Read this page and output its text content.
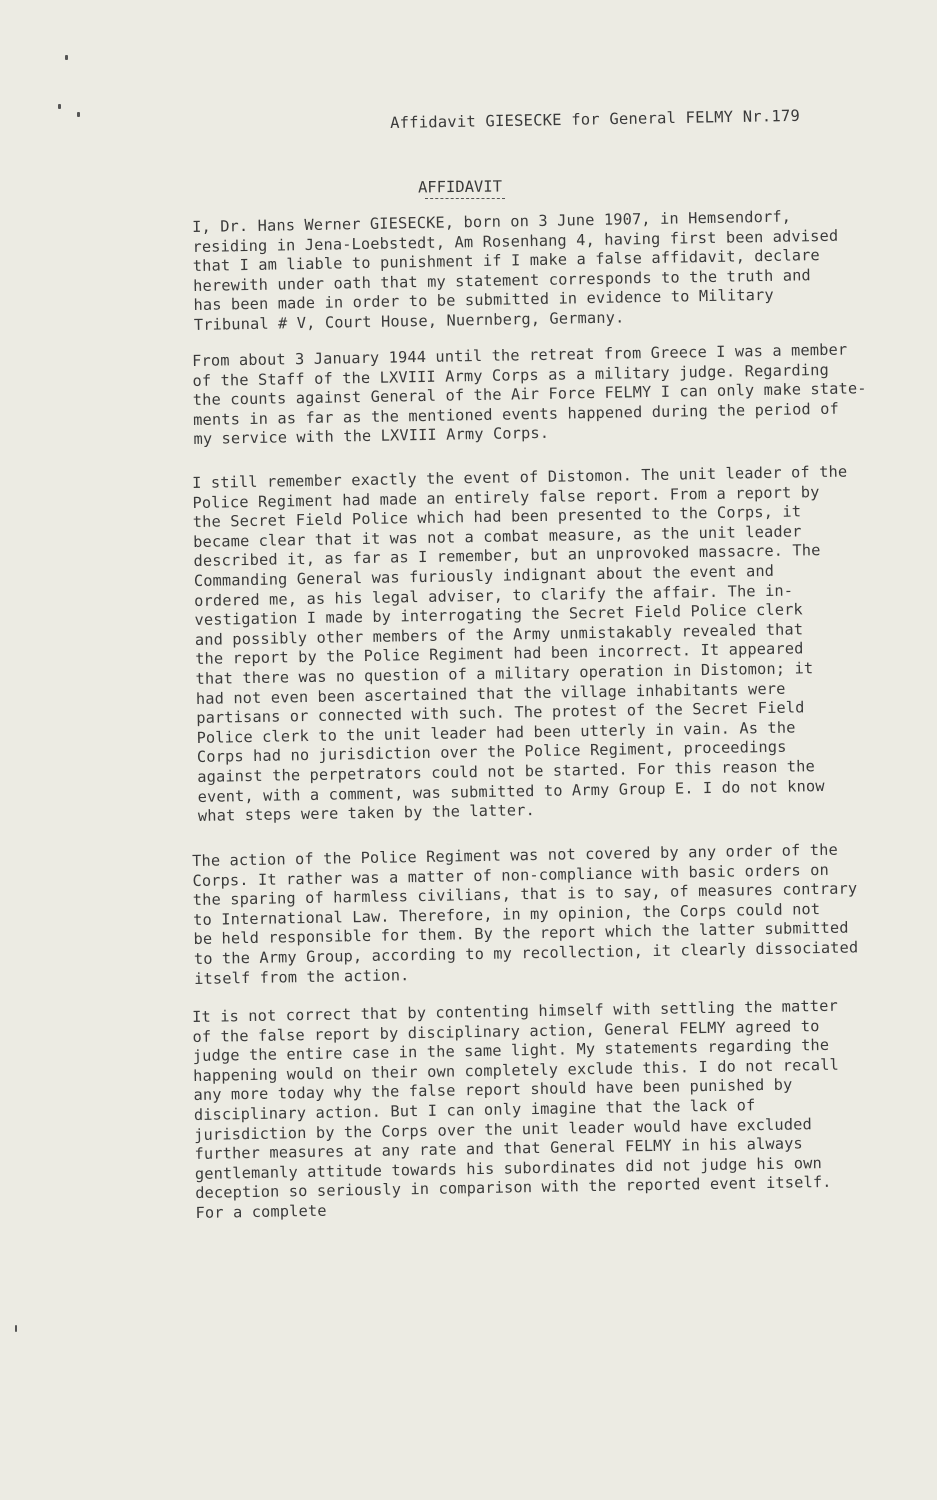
Affidavit GIESECKE for General FELMY Nr.179
AFFIDAVIT
I, Dr. Hans Werner GIESECKE, born on 3 June 1907, in Hemsendorf,
residing in Jena-Loebstedt, Am Rosenhang 4, having first been advised
that I am liable to punishment if I make a false affidavit, declare
herewith under oath that my statement corresponds to the truth and
has been made in order to be submitted in evidence to Military
Tribunal # V, Court House, Nuernberg, Germany.
From about 3 January 1944 until the retreat from Greece I was a member
of the Staff of the LXVIII Army Corps as a military judge. Regarding
the counts against General of the Air Force FELMY I can only make state-
ments in as far as the mentioned events happened during the period of
my service with the LXVIII Army Corps.
I still remember exactly the event of Distomon. The unit leader of the
Police Regiment had made an entirely false report. From a report by
the Secret Field Police which had been presented to the Corps, it
became clear that it was not a combat measure, as the unit leader
described it, as far as I remember, but an unprovoked massacre. The
Commanding General was furiously indignant about the event and
ordered me, as his legal adviser, to clarify the affair. The in-
vestigation I made by interrogating the Secret Field Police clerk
and possibly other members of the Army unmistakably revealed that
the report by the Police Regiment had been incorrect. It appeared
that there was no question of a military operation in Distomon; it
had not even been ascertained that the village inhabitants were
partisans or connected with such. The protest of the Secret Field
Police clerk to the unit leader had been utterly in vain. As the
Corps had no jurisdiction over the Police Regiment, proceedings
against the perpetrators could not be started. For this reason the
event, with a comment, was submitted to Army Group E. I do not know
what steps were taken by the latter.
The action of the Police Regiment was not covered by any order of the
Corps. It rather was a matter of non-compliance with basic orders on
the sparing of harmless civilians, that is to say, of measures contrary
to International Law. Therefore, in my opinion, the Corps could not
be held responsible for them. By the report which the latter submitted
to the Army Group, according to my recollection, it clearly dissociated
itself from the action.
It is not correct that by contenting himself with settling the matter
of the false report by disciplinary action, General FELMY agreed to
judge the entire case in the same light. My statements regarding the
happening would on their own completely exclude this. I do not recall
any more today why the false report should have been punished by
disciplinary action. But I can only imagine that the lack of
jurisdiction by the Corps over the unit leader would have excluded
further measures at any rate and that General FELMY in his always
gentlemanly attitude towards his subordinates did not judge his own
deception so seriously in comparison with the reported event itself.
For a complete
